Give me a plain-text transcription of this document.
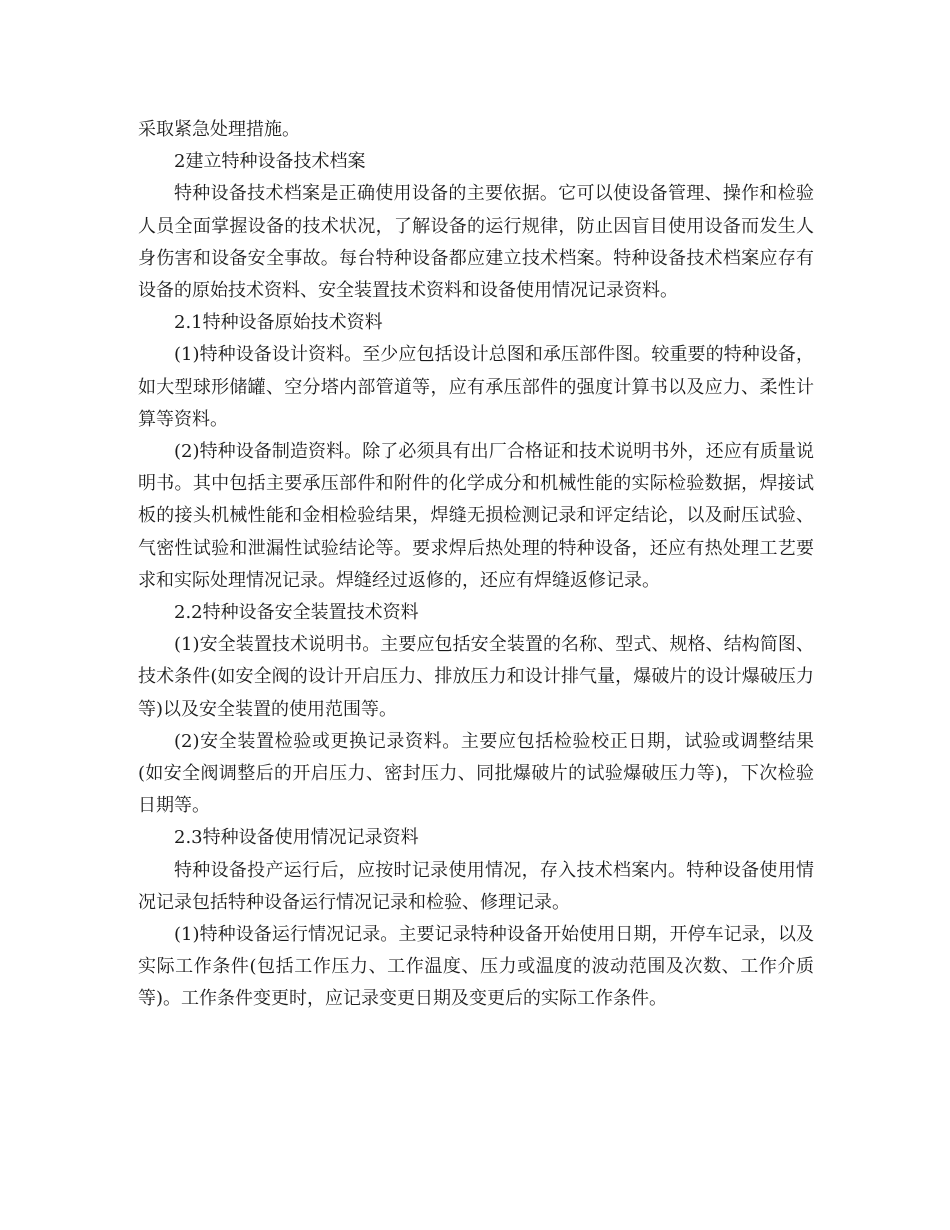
采取紧急处理措施。

2建立特种设备技术档案

特种设备技术档案是正确使用设备的主要依据。它可以使设备管理、操作和检验人员全面掌握设备的技术状况，了解设备的运行规律，防止因盲目使用设备而发生人身伤害和设备安全事故。每台特种设备都应建立技术档案。特种设备技术档案应存有设备的原始技术资料、安全装置技术资料和设备使用情况记录资料。

2.1特种设备原始技术资料

(1)特种设备设计资料。至少应包括设计总图和承压部件图。较重要的特种设备，如大型球形储罐、空分塔内部管道等，应有承压部件的强度计算书以及应力、柔性计算等资料。

(2)特种设备制造资料。除了必须具有出厂合格证和技术说明书外，还应有质量说明书。其中包括主要承压部件和附件的化学成分和机械性能的实际检验数据，焊接试板的接头机械性能和金相检验结果，焊缝无损检测记录和评定结论，以及耐压试验、气密性试验和泄漏性试验结论等。要求焊后热处理的特种设备，还应有热处理工艺要求和实际处理情况记录。焊缝经过返修的，还应有焊缝返修记录。

2.2特种设备安全装置技术资料

(1)安全装置技术说明书。主要应包括安全装置的名称、型式、规格、结构简图、技术条件(如安全阀的设计开启压力、排放压力和设计排气量，爆破片的设计爆破压力等)以及安全装置的使用范围等。

(2)安全装置检验或更换记录资料。主要应包括检验校正日期，试验或调整结果(如安全阀调整后的开启压力、密封压力、同批爆破片的试验爆破压力等)，下次检验日期等。

2.3特种设备使用情况记录资料

特种设备投产运行后，应按时记录使用情况，存入技术档案内。特种设备使用情况记录包括特种设备运行情况记录和检验、修理记录。

(1)特种设备运行情况记录。主要记录特种设备开始使用日期，开停车记录，以及实际工作条件(包括工作压力、工作温度、压力或温度的波动范围及次数、工作介质等)。工作条件变更时，应记录变更日期及变更后的实际工作条件。
